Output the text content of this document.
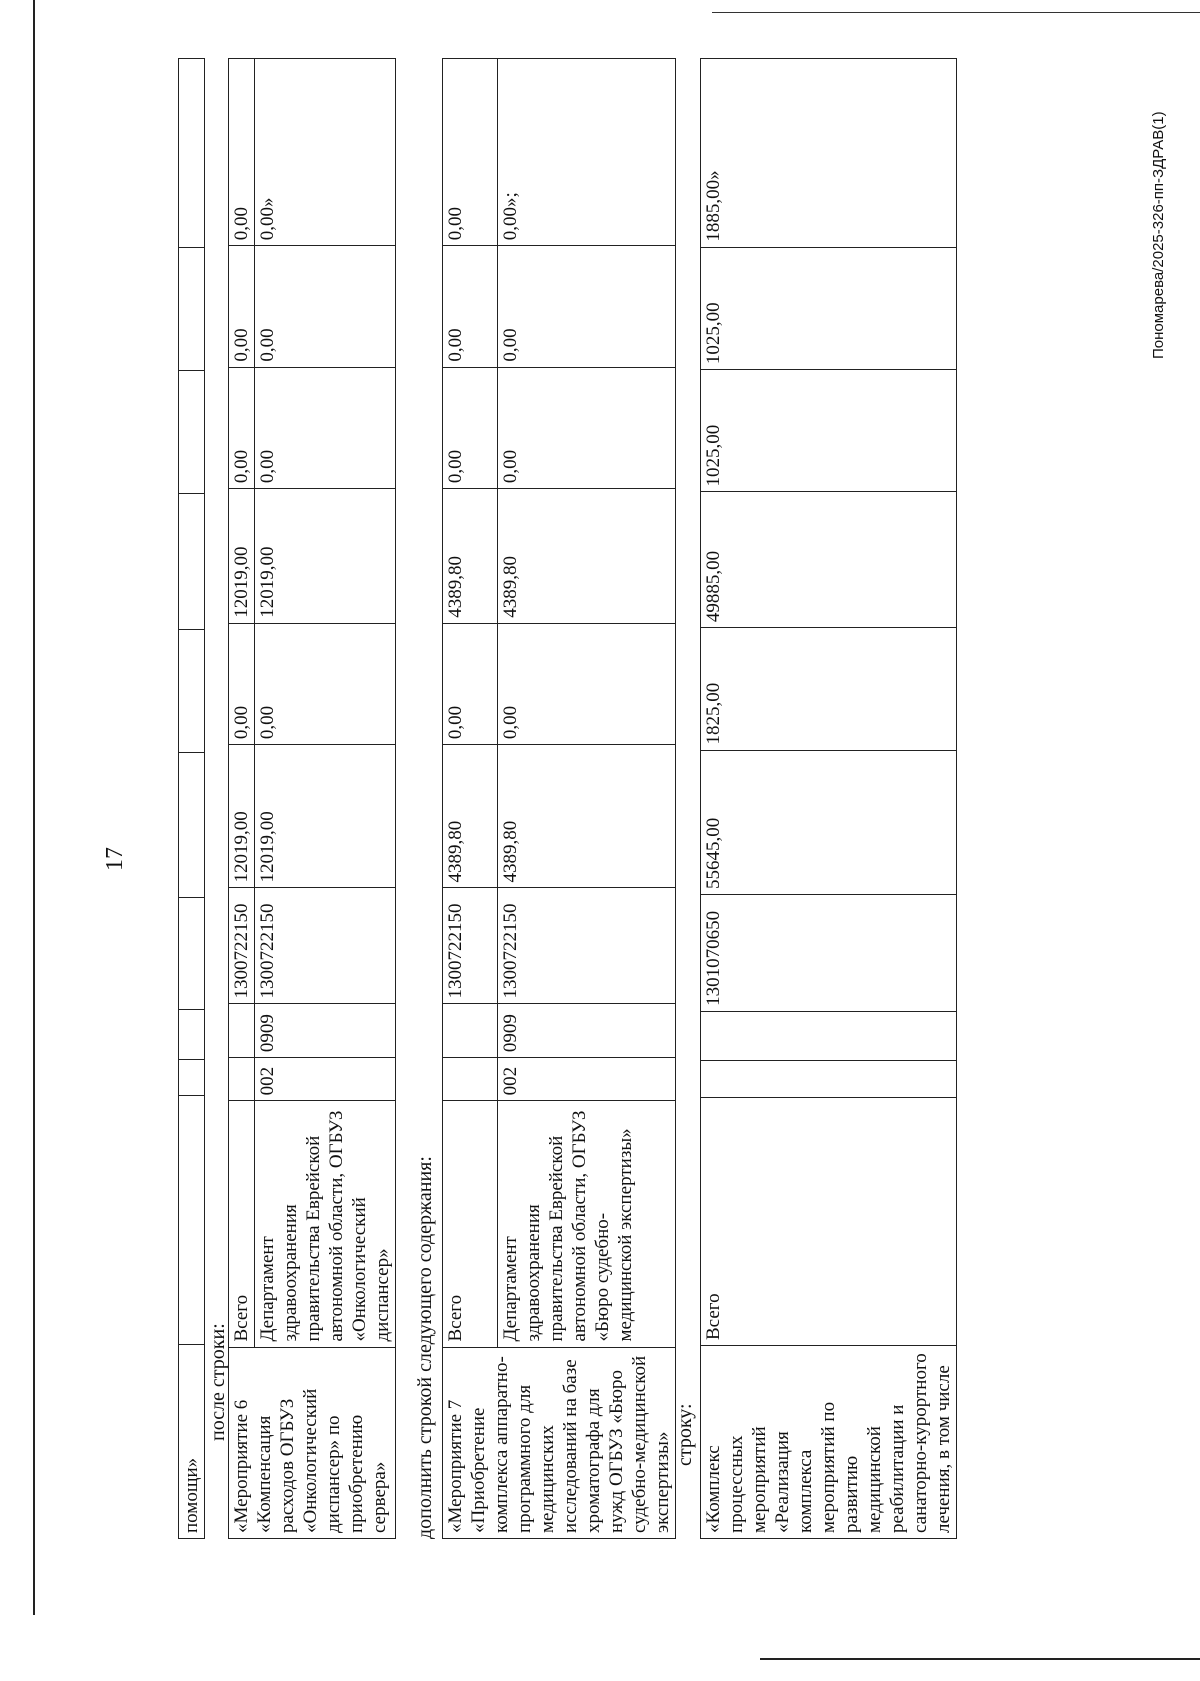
17
Пономарева/2025-326-пп-ЗДРАВ(1)
помощи»										
после строки:
«Мероприятие 6 «Компенсация расходов ОГБУЗ «Онкологический диспансер» по приобретению сервера»	Всего			1300722150	12019,00	0,00	12019,00	0,00	0,00	0,00
	Департамент здравоохранения правительства Еврейской автономной области, ОГБУЗ «Онкологический диспансер»	002	0909	1300722150	12019,00	0,00	12019,00	0,00	0,00	0,00»
дополнить строкой следующего содержания: «Мероприятие 7 «Приобретение комплекса аппаратно-программного для медицинских исследований на базе хроматографа для нужд ОГБУЗ «Бюро судебно-медицинской экспертизы»	Всего			1300722150	4389,80	0,00	4389,80	0,00	0,00	0,00
	Департамент здравоохранения правительства Еврейской автономной области, ОГБУЗ «Бюро судебно-медицинской экспертизы»	002	0909	1300722150	4389,80	0,00	4389,80	0,00	0,00	0,00»;
строку:
«Комплекс процессных мероприятий «Реализация комплекса мероприятий по развитию медицинской реабилитации и санаторно-курортного лечения, в том числе	Всего			1301070650	55645,00	1825,00	49885,00	1025,00	1025,00	1885,00»
